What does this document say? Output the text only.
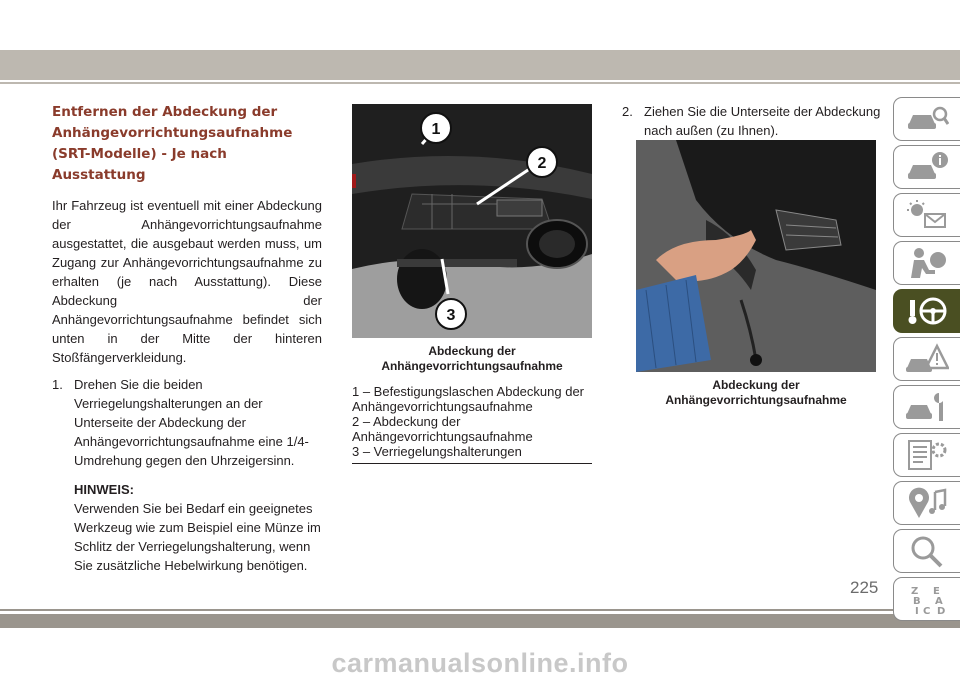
Entfernen der Abdeckung der
Anhängevorrichtungsaufnahme
(SRT-Modelle) - Je nach Ausstattung

Ihr Fahrzeug ist eventuell mit einer Abdeckung der Anhängevorrichtungsaufnahme ausgestattet, die ausgebaut werden muss, um Zugang zur Anhängevorrichtungsaufnahme zu erhalten (je nach Ausstattung). Diese Abdeckung der Anhängevorrichtungsaufnahme befindet sich unten in der Mitte der hinteren Stoßfängerverkleidung.

1. Drehen Sie die beiden Verriegelungshalterungen an der Unterseite der Abdeckung der Anhängevorrichtungsaufnahme eine 1/4-Umdrehung gegen den Uhrzeigersinn.
HINWEIS:
Verwenden Sie bei Bedarf ein geeignetes Werkzeug wie zum Beispiel eine Münze im Schlitz der Verriegelungshalterung, wenn Sie zusätzliche Hebelwirkung benötigen.
1
2
3
Abdeckung der
Anhängevorrichtungsaufnahme
1 – Befestigungslaschen Abdeckung der Anhängevorrichtungsaufnahme
2 – Abdeckung der Anhängevorrichtungsaufnahme
3 – Verriegelungshalterungen
2. Ziehen Sie die Unterseite der Abdeckung nach außen (zu Ihnen).
Abdeckung der
Anhängevorrichtungsaufnahme
Z E
B A
I C D
225
carmanualsonline.info
